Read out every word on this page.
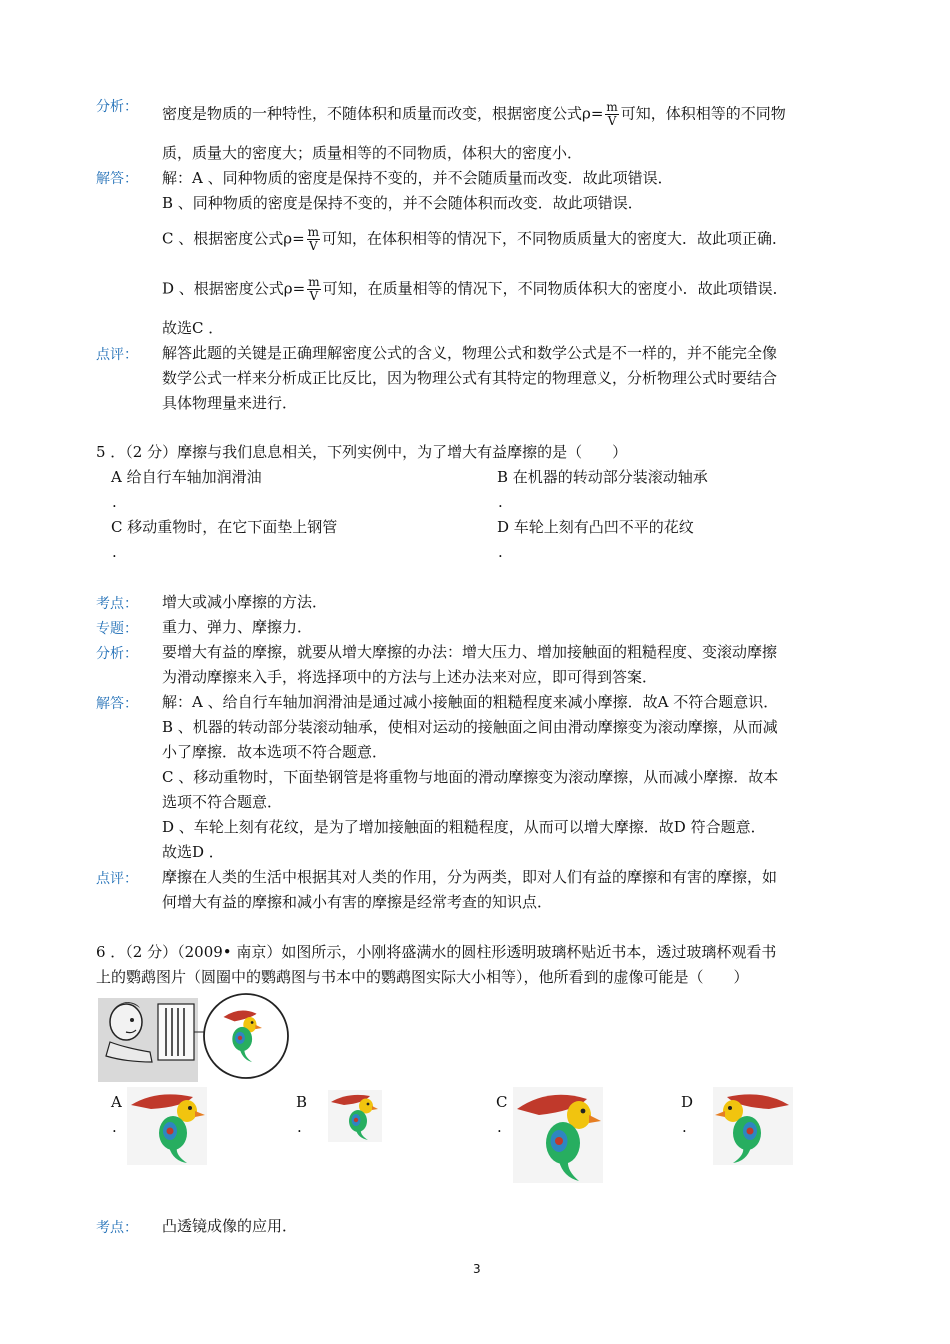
分析： 密度是物质的一种特性，不随体积和质量而改变，根据密度公式$\rho= \frac{m}{V}$ 可知，体积相等的不同物
质，质量大的密度大；质量相等的不同物质，体积大的密度小．
解答： 解：A 、同种物质的密度是保持不变的，并不会随质量而改变．故此项错误．
B 、同种物质的密度是保持不变的，并不会随体积而改变．故此项错误．
C 、根据密度公式$\rho= \frac{m}{V}$ 可知，在体积相等的情况下，不同物质质量大的密度大．故此项正确．
D 、根据密度公式$\rho= \frac{m}{V}$ 可知，在质量相等的情况下，不同物质体积大的密度小．故此项错误．
故选C ．
点评： 解答此题的关键是正确理解密度公式的含义，物理公式和数学公式是不一样的，并不能完全像
数学公式一样来分析成正比反比，因为物理公式有其特定的物理意义，分析物理公式时要结合
具体物理量来进行．
5 ．（2 分）摩擦与我们息息相关，下列实例中，为了增大有益摩擦的是（　　）
A 给自行车轴加润滑油
.
B 在机器的转动部分装滚动轴承
.
C 移动重物时，在它下面垫上钢管
.
D 车轮上刻有凸凹不平的花纹
.
考点： 增大或减小摩擦的方法．
专题： 重力、弹力、摩擦力．
分析： 要增大有益的摩擦，就要从增大摩擦的办法：增大压力、增加接触面的粗糙程度、变滚动摩擦
为滑动摩擦来入手，将选择项中的方法与上述办法来对应，即可得到答案．
解答： 解：A 、给自行车轴加润滑油是通过减小接触面的粗糙程度来减小摩擦．故A 不符合题意识．
B 、机器的转动部分装滚动轴承，使相对运动的接触面之间由滑动摩擦变为滚动摩擦，从而减
小了摩擦．故本选项不符合题意．
C 、移动重物时，下面垫钢管是将重物与地面的滑动摩擦变为滚动摩擦，从而减小摩擦．故本
选项不符合题意．
D 、车轮上刻有花纹，是为了增加接触面的粗糙程度，从而可以增大摩擦．故D 符合题意．
故选D ．
点评： 摩擦在人类的生活中根据其对人类的作用，分为两类，即对人们有益的摩擦和有害的摩擦，如
何增大有益的摩擦和减小有害的摩擦是经常考查的知识点．
6 ．（2 分）（2009• 南京）如图所示，小刚将盛满水的圆柱形透明玻璃杯贴近书本，透过玻璃杯观看书
上的鹦鹉图片（圆圈中的鹦鹉图与书本中的鹦鹉图实际大小相等），他所看到的虚像可能是（　　）
A
.
B
.
C
.
D
.
考点： 凸透镜成像的应用．
3
